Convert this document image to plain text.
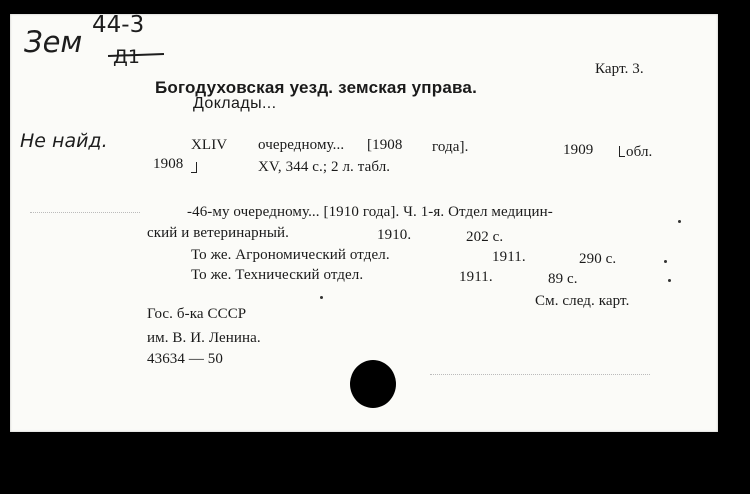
Зем 44-3
Д1
Не найд.
Карт. 3.
Богодуховская уезд. земская управа.
Доклады...
XLIV очередному... [1908 года].	1909 обл.
1908	XV, 344 с.; 2 л. табл.
-46-му очередному... [1910 года]. Ч. 1-я. Отдел медицин-
ский и ветеринарный.	1910.	202 с.
То же. Агрономический отдел.	1911.	290 с.
То же. Технический отдел.	1911.	89 с.
См. след. карт.
Гос. б-ка СССР
им. В. И. Ленина.
43634 — 50
